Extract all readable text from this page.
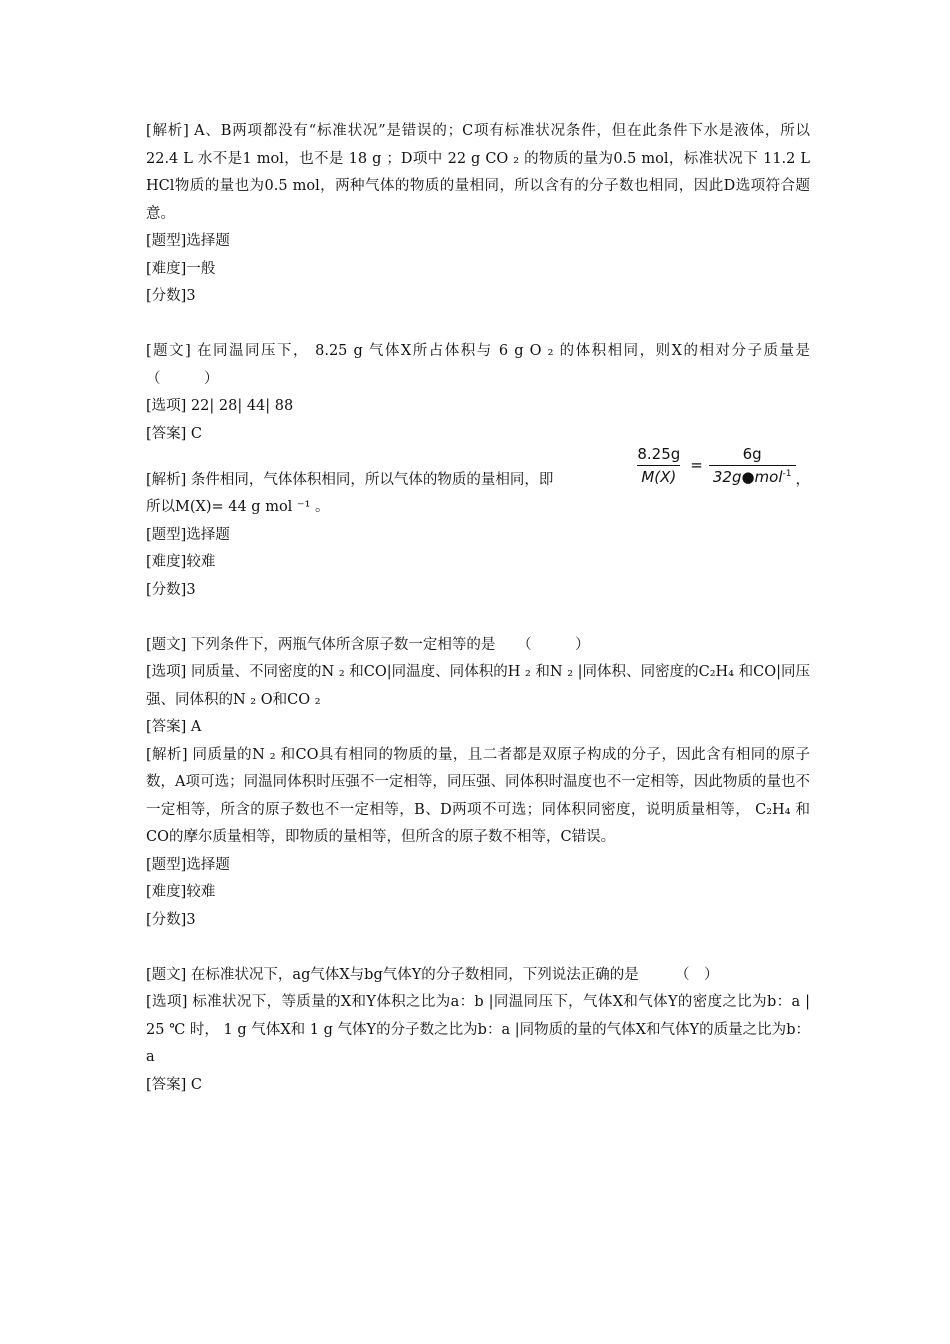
[解析] A、B两项都没有“标准状况”是错误的；C项有标准状况条件，但在此条件下水是液体，所以 22.4 L 水不是1 mol，也不是 18 g ；D项中 22 g CO ₂ 的物质的量为0.5 mol，标准状况下 11.2 L HCl物质的量也为0.5 mol，两种气体的物质的量相同，所以含有的分子数也相同，因此D选项符合题意。

[题型]选择题

[难度]一般

[分数]3

[题文] 在同温同压下， 8.25 g 气体X所占体积与 6 g O ₂ 的体积相同，则X的相对分子质量是　　（　　　）

[选项] 22| 28| 44| 88

[答案] C

[解析] 条件相同，气体体积相同，所以气体的物质的量相同，即	$\frac{8.25g}{M(X)} = \frac{6g}{32g●mol^{-1}}$ ，

所以M(X)= 44 g mol ⁻¹ 。

[题型]选择题

[难度]较难

[分数]3

[题文] 下列条件下，两瓶气体所含原子数一定相等的是　　（　　　）

[选项] 同质量、不同密度的N ₂ 和CO|同温度、同体积的H ₂ 和N ₂ |同体积、同密度的C₂H₄ 和CO|同压强、同体积的N ₂ O和CO ₂

[答案] A

[解析] 同质量的N ₂ 和CO具有相同的物质的量，且二者都是双原子构成的分子，因此含有相同的原子数，A项可选；同温同体积时压强不一定相等，同压强、同体积时温度也不一定相等，因此物质的量也不一定相等，所含的原子数也不一定相等，B、D两项不可选；同体积同密度，说明质量相等， C₂H₄ 和CO的摩尔质量相等，即物质的量相等，但所含的原子数不相等，C错误。

[题型]选择题

[难度]较难

[分数]3

[题文] 在标准状况下，ag气体X与bg气体Y的分子数相同，下列说法正确的是　　　（　）

[选项] 标准状况下，等质量的X和Y体积之比为a：b |同温同压下，气体X和气体Y的密度之比为b：a | 25 ℃ 时， 1 g 气体X和 1 g 气体Y的分子数之比为b：a |同物质的量的气体X和气体Y的质量之比为b：a

[答案] C
